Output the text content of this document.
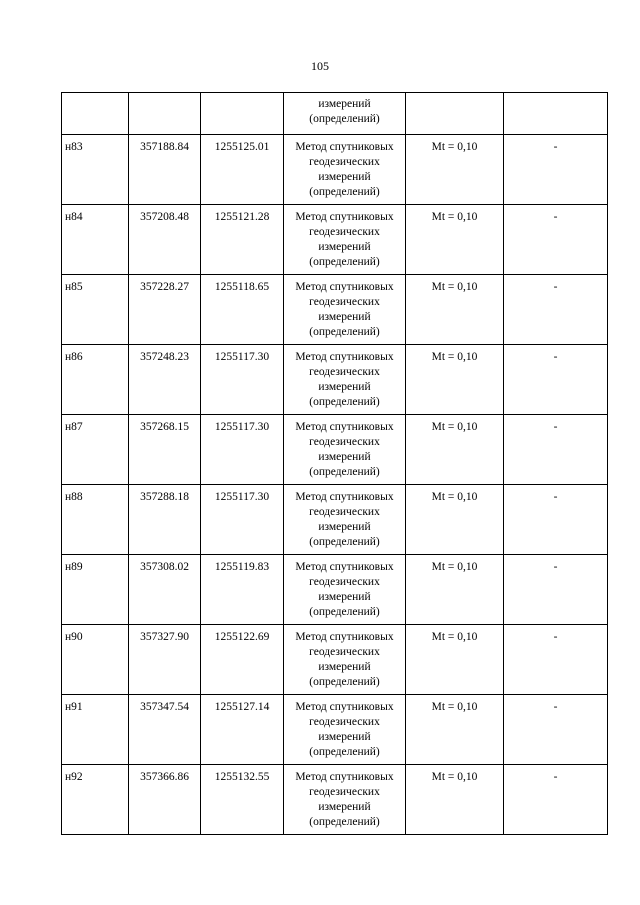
105

			измерений
(определений)		

н83	357188.84	1255125.01	Метод спутниковых
геодезических
измерений
(определений)	Mt = 0,10	-
н84	357208.48	1255121.28	Метод спутниковых
геодезических
измерений
(определений)	Mt = 0,10	-
н85	357228.27	1255118.65	Метод спутниковых
геодезических
измерений
(определений)	Mt = 0,10	-
н86	357248.23	1255117.30	Метод спутниковых
геодезических
измерений
(определений)	Mt = 0,10	-
н87	357268.15	1255117.30	Метод спутниковых
геодезических
измерений
(определений)	Mt = 0,10	-
н88	357288.18	1255117.30	Метод спутниковых
геодезических
измерений
(определений)	Mt = 0,10	-
н89	357308.02	1255119.83	Метод спутниковых
геодезических
измерений
(определений)	Mt = 0,10	-
н90	357327.90	1255122.69	Метод спутниковых
геодезических
измерений
(определений)	Mt = 0,10	-
н91	357347.54	1255127.14	Метод спутниковых
геодезических
измерений
(определений)	Mt = 0,10	-
н92	357366.86	1255132.55	Метод спутниковых
геодезических
измерений
(определений)	Mt = 0,10	-
